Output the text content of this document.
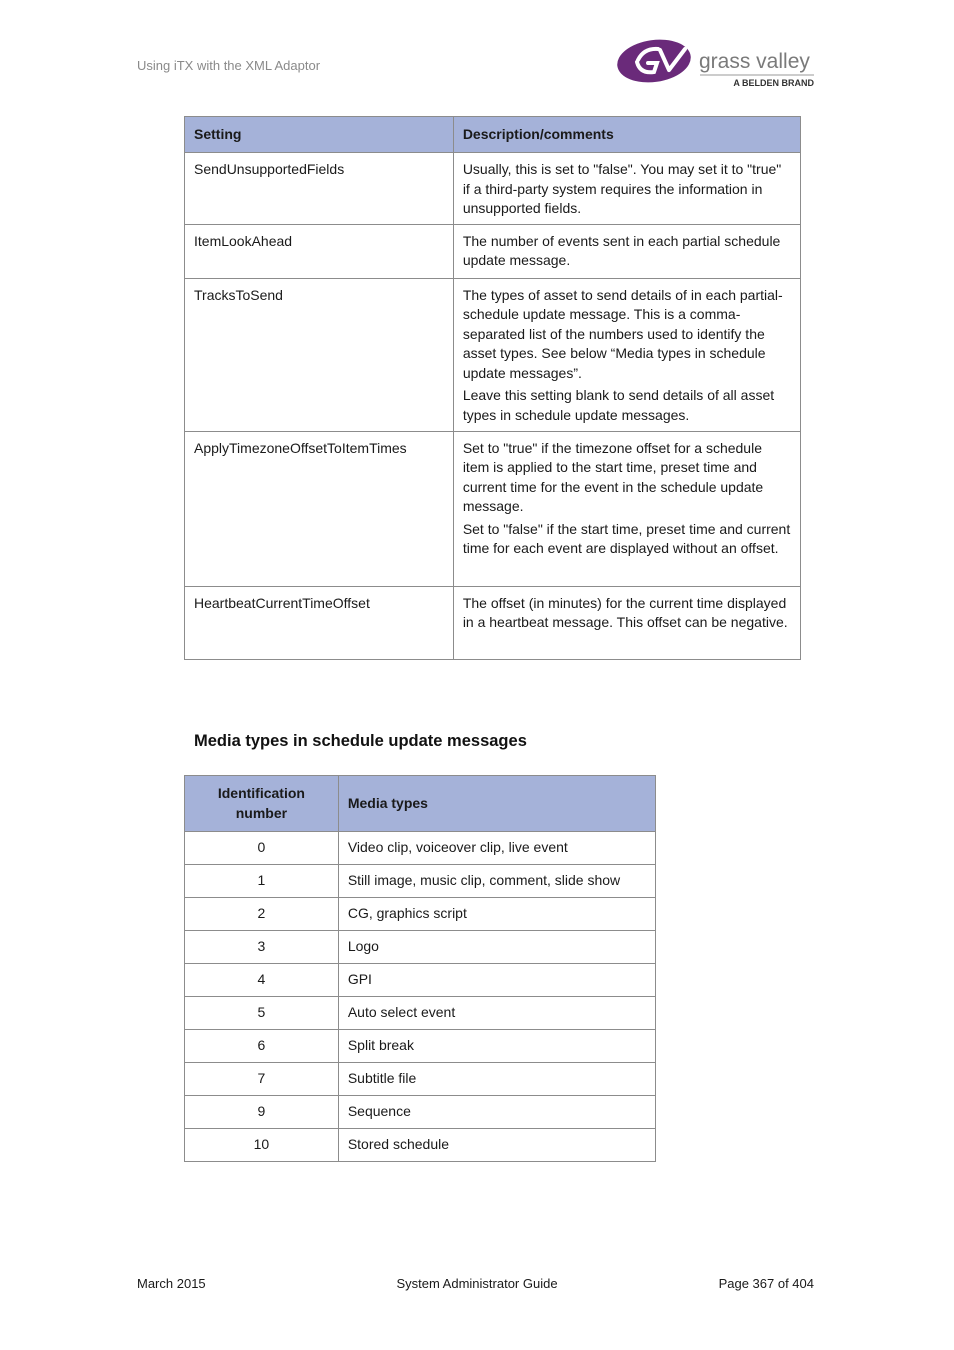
Using iTX with the XML Adaptor	grass valley
A BELDEN BRAND
Setting	Description/comments
SendUnsupportedFields	Usually, this is set to "false". You may set it to "true" if a third-party system requires the information in unsupported fields.

ItemLookAhead	The number of events sent in each partial schedule update message.

TracksToSend	The types of asset to send details of in each partial-schedule update message. This is a comma-separated list of the numbers used to identify the asset types. See below “Media types in schedule update messages”.

Leave this setting blank to send details of all asset types in schedule update messages.

ApplyTimezoneOffsetToItemTimes	Set to "true" if the timezone offset for a schedule item is applied to the start time, preset time and current time for the event in the schedule update message.

Set to "false" if the start time, preset time and current time for each event are displayed without an offset.

HeartbeatCurrentTimeOffset	The offset (in minutes) for the current time displayed in a heartbeat message. This offset can be negative.

Media types in schedule update messages
Identification number	Media types
0	Video clip, voiceover clip, live event
1	Still image, music clip, comment, slide show
2	CG, graphics script
3	Logo
4	GPI
5	Auto select event
6	Split break
7	Subtitle file
9	Sequence
10	Stored schedule
March 2015	System Administrator Guide	Page 367 of 404
